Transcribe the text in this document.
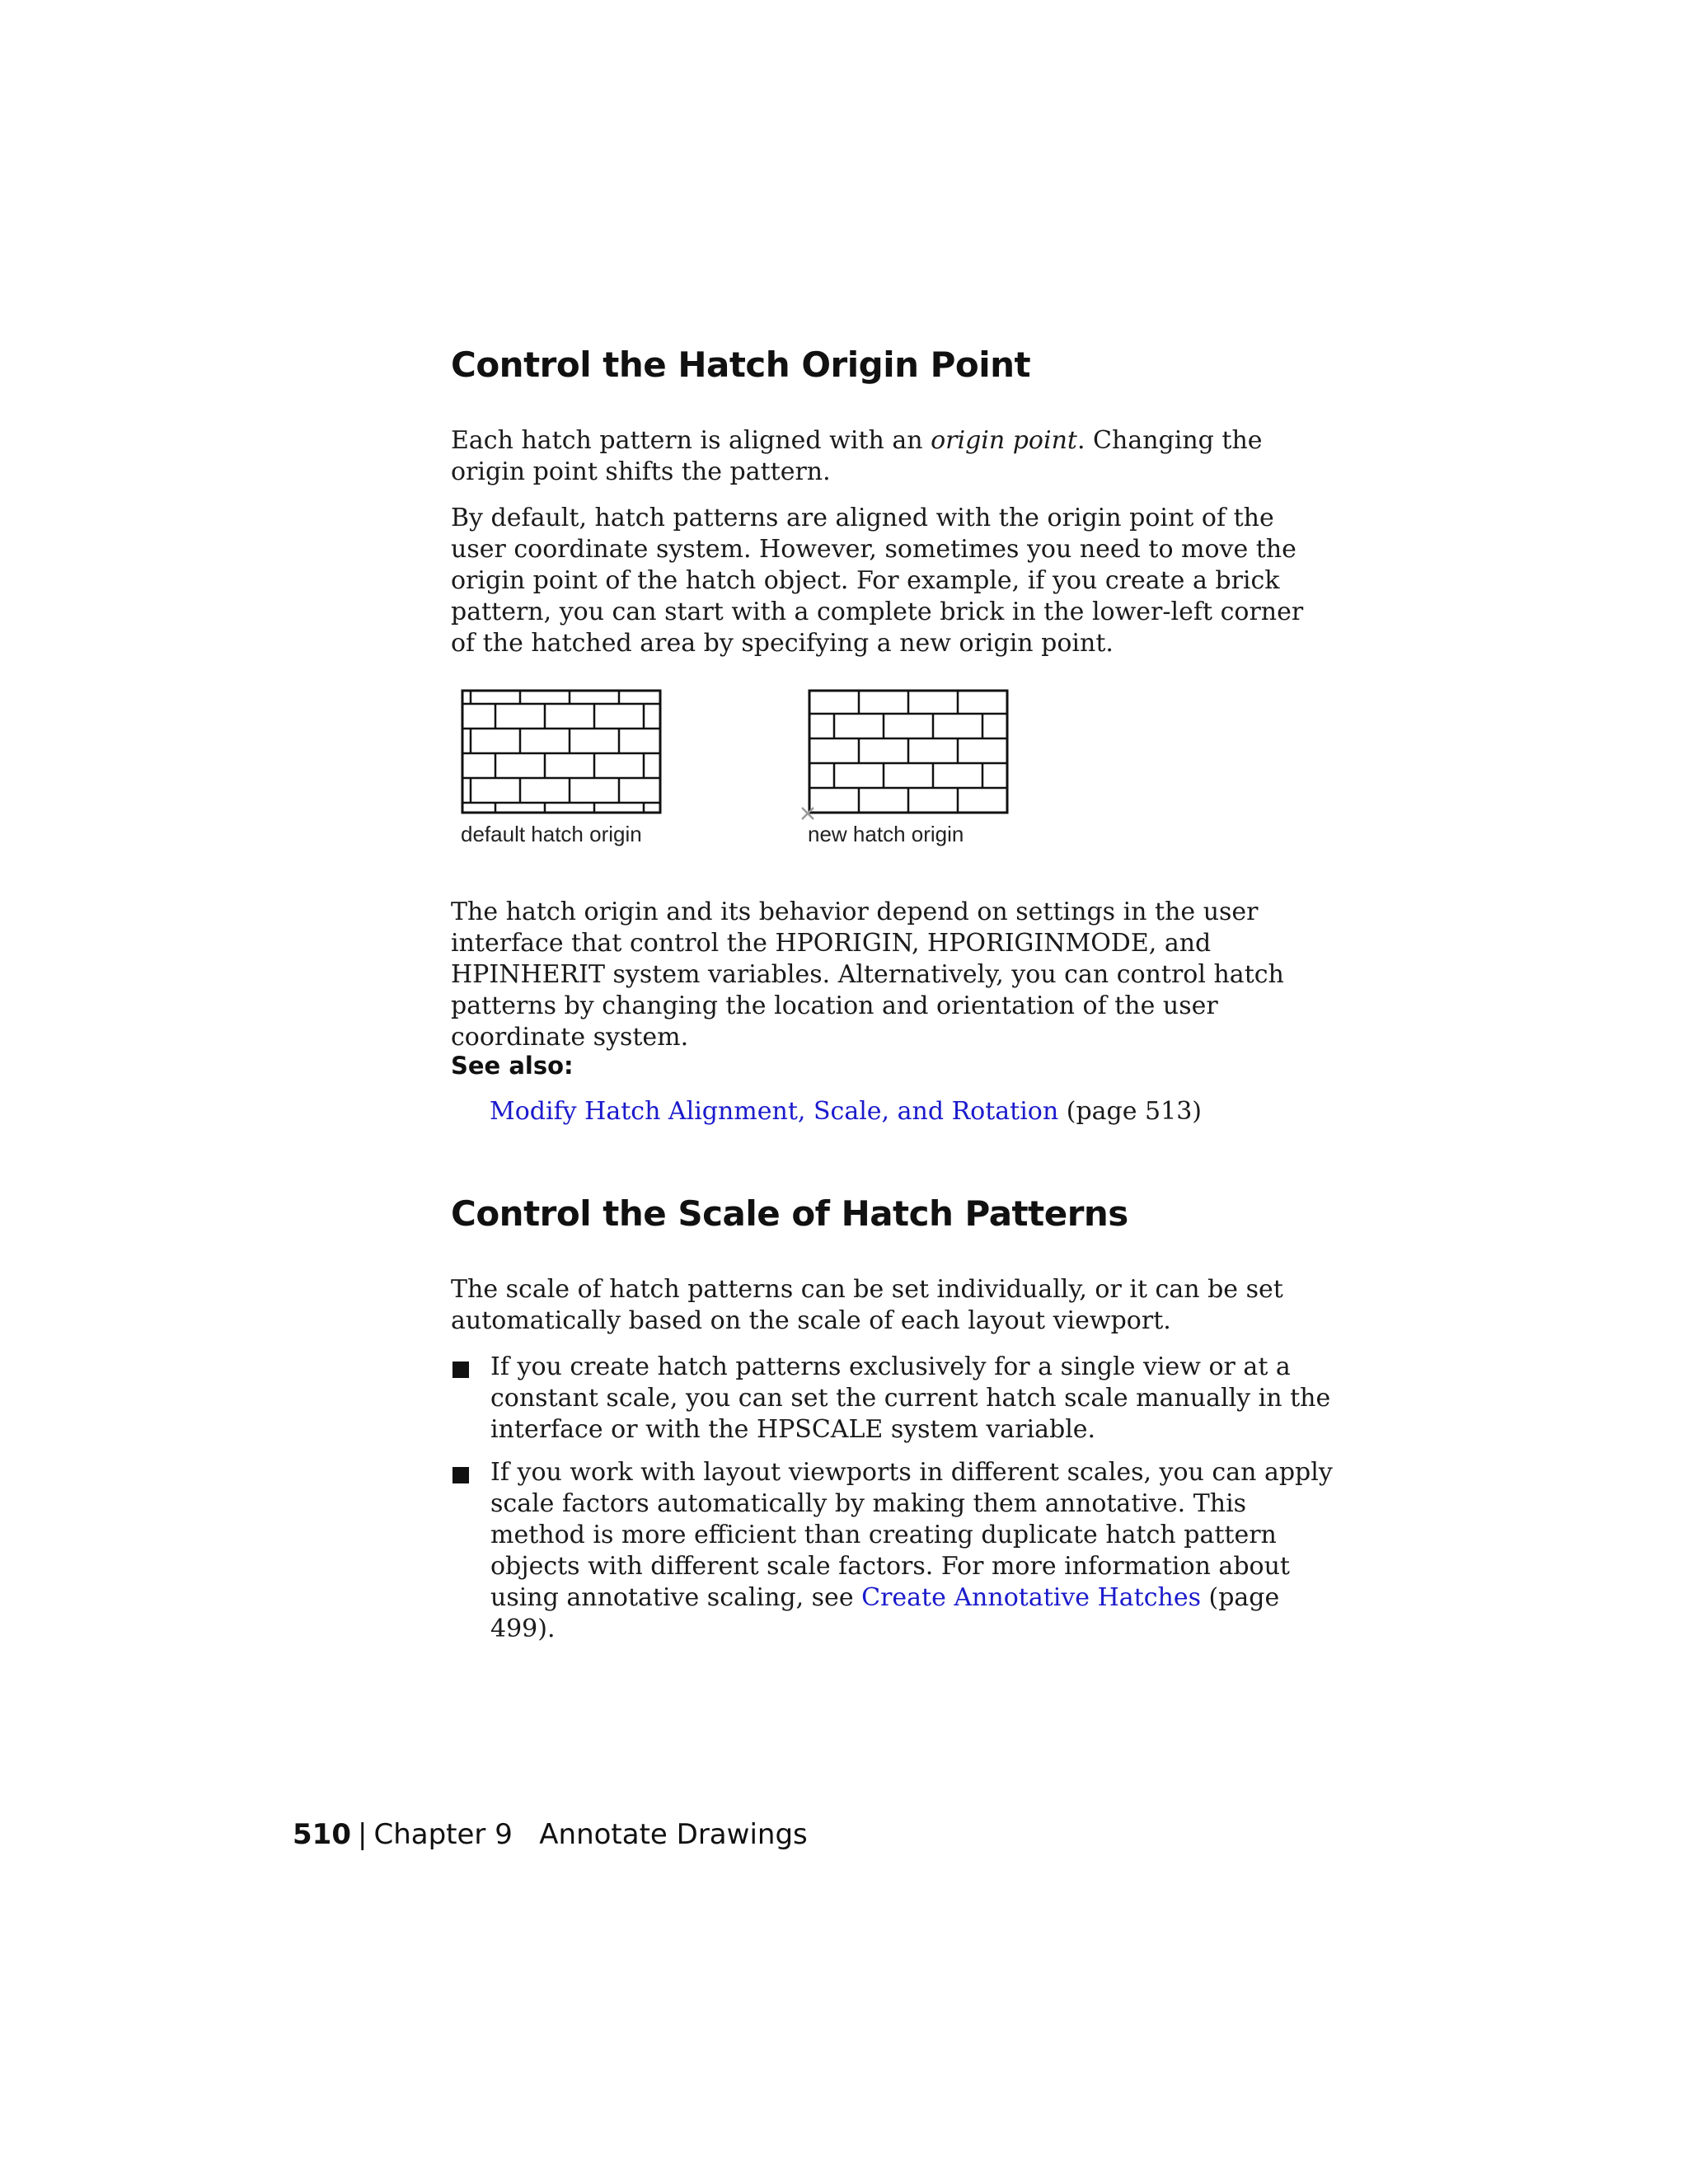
Control the Hatch Origin Point

Each hatch pattern is aligned with an origin point. Changing the origin point shifts the pattern.

By default, hatch patterns are aligned with the origin point of the user coordinate system. However, sometimes you need to move the origin point of the hatch object. For example, if you create a brick pattern, you can start with a complete brick in the lower-left corner of the hatched area by specifying a new origin point.

default hatch origin	new hatch origin

The hatch origin and its behavior depend on settings in the user interface that control the HPORIGIN, HPORIGINMODE, and HPINHERIT system variables. Alternatively, you can control hatch patterns by changing the location and orientation of the user coordinate system.

See also:

Modify Hatch Alignment, Scale, and Rotation (page 513)

Control the Scale of Hatch Patterns

The scale of hatch patterns can be set individually, or it can be set automatically based on the scale of each layout viewport.

If you create hatch patterns exclusively for a single view or at a constant scale, you can set the current hatch scale manually in the interface or with the HPSCALE system variable.
If you work with layout viewports in different scales, you can apply scale factors automatically by making them annotative. This method is more efficient than creating duplicate hatch pattern objects with different scale factors. For more information about using annotative scaling, see Create Annotative Hatches (page 499).
510 | Chapter 9 Annotate Drawings
